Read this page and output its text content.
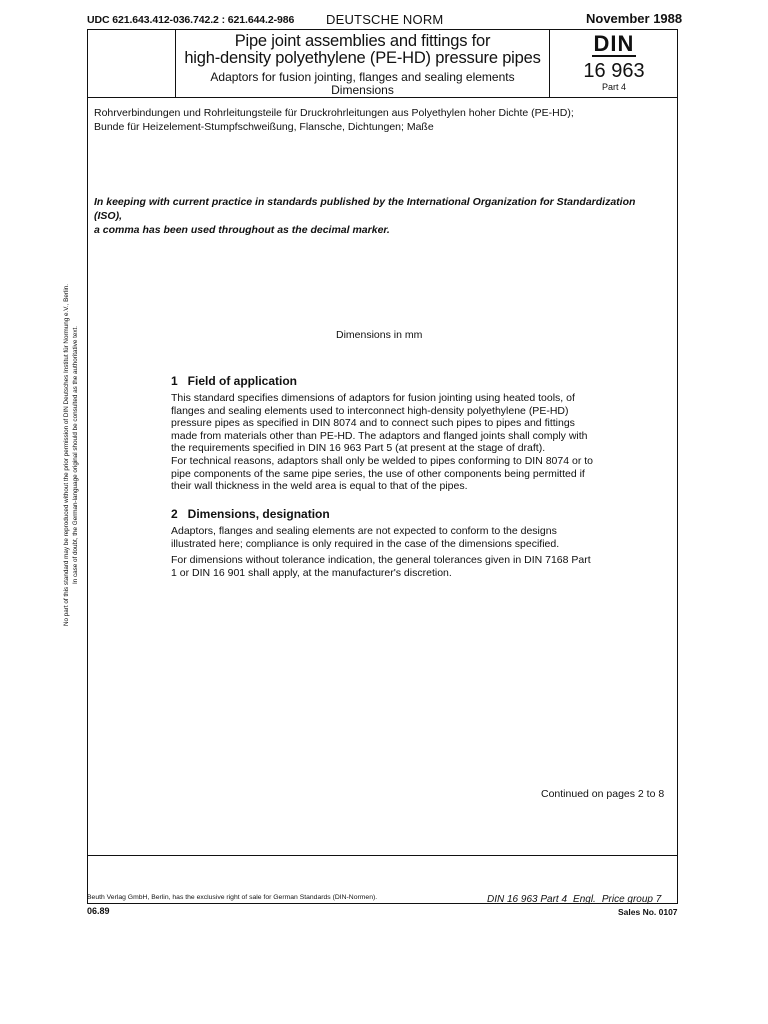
UDC 621.643.412-036.742.2 : 621.644.2-986 DEUTSCHE NORM	November 1988
Pipe joint assemblies and fittings for
high-density polyethylene (PE-HD) pressure pipes
Adaptors for fusion jointing, flanges and sealing elements
Dimensions
DIN
16 963
Part 4
Rohrverbindungen und Rohrleitungsteile für Druckrohrleitungen aus Polyethylen hoher Dichte (PE-HD);
Bunde für Heizelement-Stumpfschweißung, Flansche, Dichtungen; Maße
In keeping with current practice in standards published by the International Organization for Standardization (ISO),
a comma has been used throughout as the decimal marker.
Dimensions in mm
1   Field of application
This standard specifies dimensions of adaptors for fusion jointing using heated tools, of flanges and sealing elements used to interconnect high-density polyethylene (PE-HD) pressure pipes as specified in DIN 8074 and to connect such pipes to pipes and fittings made from materials other than PE-HD. The adaptors and flanged joints shall comply with the requirements specified in DIN 16 963 Part 5 (at present at the stage of draft).
For technical reasons, adaptors shall only be welded to pipes conforming to DIN 8074 or to pipe components of the same pipe series, the use of other components being permitted if their wall thickness in the weld area is equal to that of the pipes.
2   Dimensions, designation
Adaptors, flanges and sealing elements are not expected to conform to the designs illustrated here; compliance is only required in the case of the dimensions specified.
For dimensions without tolerance indication, the general tolerances given in DIN 7168 Part 1 or DIN 16 901 shall apply, at the manufacturer's discretion.
Continued on pages 2 to 8
Beuth Verlag GmbH, Berlin, has the exclusive right of sale for German Standards (DIN-Normen).
06.89
DIN 16 963 Part 4 Engl. Price group 7
Sales No. 0107
No part of this standard may be reproduced without the prior permission of DIN Deutsches Institut für Normung e.V., Berlin. In case of doubt, the German-language original should be consulted as the authoritative text.
